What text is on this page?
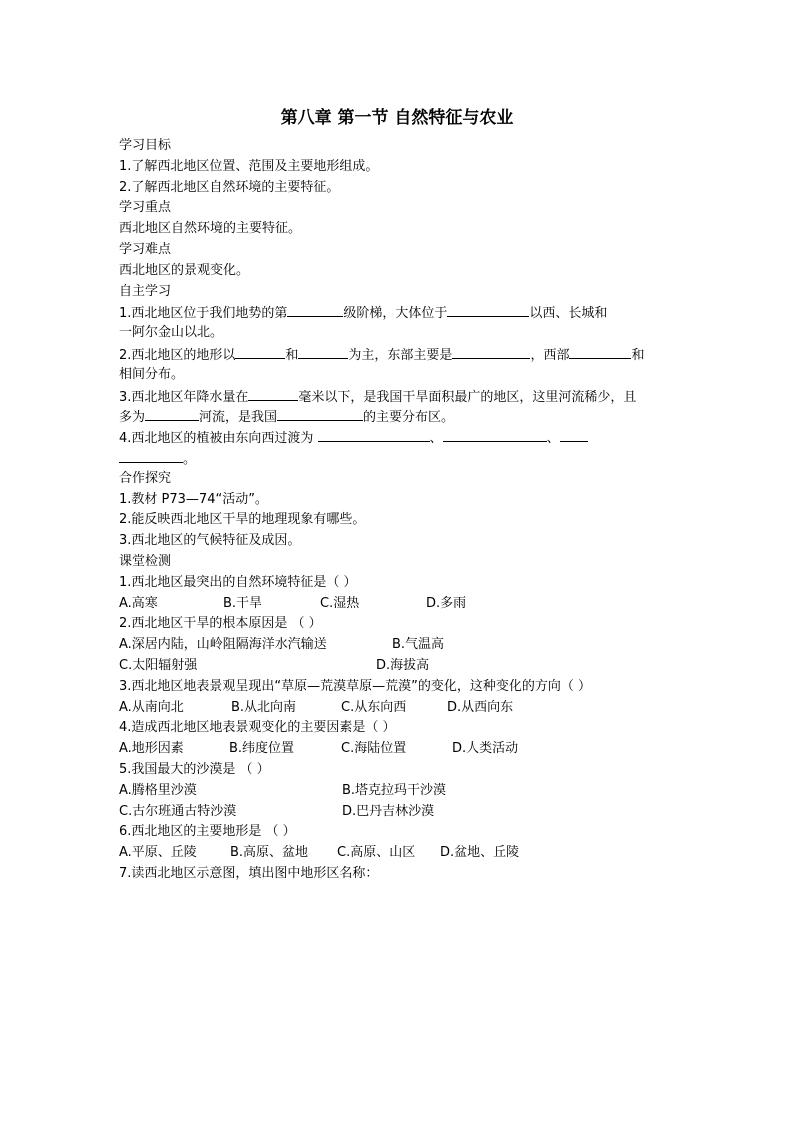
第八章 第一节 自然特征与农业
学习目标
1.了解西北地区位置、范围及主要地形组成。
2.了解西北地区自然环境的主要特征。
学习重点
西北地区自然环境的主要特征。
学习难点
西北地区的景观变化。
自主学习
1.西北地区位于我们地势的第	级阶梯，大体位于	以西、长城和
一阿尔金山以北。
2.西北地区的地形以	和	为主，东部主要是	，西部	和
相间分布。
3.西北地区年降水量在	毫米以下，是我国干旱面积最广的地区，这里河流稀少，且
多为	河流，是我国	的主要分布区。
4.西北地区的植被由东向西过渡为	、	、
。
合作探究
1.教材 P73—74“活动”。
2.能反映西北地区干旱的地理现象有哪些。
3.西北地区的气候特征及成因。
课堂检测
1.西北地区最突出的自然环境特征是（ ）
A.高寒	B.干旱	C.湿热	D.多雨
2.西北地区干旱的根本原因是 （ ）
A.深居内陆，山岭阻隔海洋水汽输送	B.气温高
C.太阳辐射强	D.海拔高
3.西北地区地表景观呈现出“草原—荒漠草原—荒漠”的变化，这种变化的方向（ ）
A.从南向北	B.从北向南	C.从东向西	D.从西向东
4.造成西北地区地表景观变化的主要因素是（ ）
A.地形因素	B.纬度位置	C.海陆位置	D.人类活动
5.我国最大的沙漠是 （ ）
A.腾格里沙漠	B.塔克拉玛干沙漠
C.古尔班通古特沙漠	D.巴丹吉林沙漠
6.西北地区的主要地形是 （ ）
A.平原、丘陵	B.高原、盆地 C.高原、山区 D.盆地、丘陵
7.读西北地区示意图，填出图中地形区名称：
